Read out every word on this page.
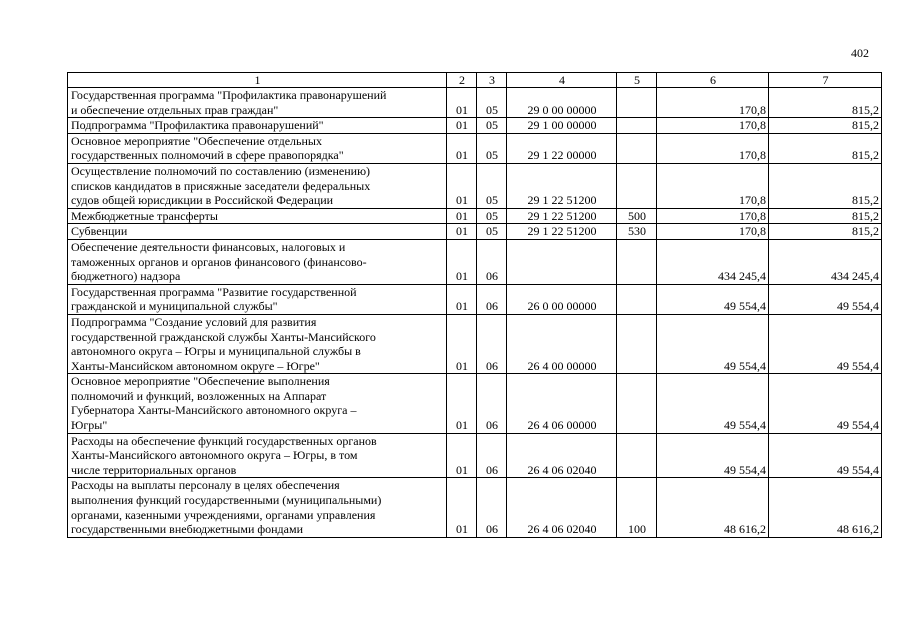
402
1	2	3	4	5	6	7

Государственная программа "Профилактика правонарушений
и обеспечение отдельных прав граждан"	01	05	29 0 00 00000		170,8	815,2

Подпрограмма "Профилактика правонарушений"	01	05	29 1 00 00000		170,8	815,2

Основное мероприятие "Обеспечение отдельных
государственных полномочий в сфере правопорядка"	01	05	29 1 22 00000		170,8	815,2

Осуществление полномочий по составлению (изменению)
списков кандидатов в присяжные заседатели федеральных
судов общей юрисдикции в Российской Федерации	01	05	29 1 22 51200		170,8	815,2

Межбюджетные трансферты	01	05	29 1 22 51200	500	170,8	815,2

Субвенции	01	05	29 1 22 51200	530	170,8	815,2

Обеспечение деятельности финансовых, налоговых и
таможенных органов и органов финансового (финансово-
бюджетного) надзора	01	06			434 245,4	434 245,4

Государственная программа "Развитие государственной
гражданской и муниципальной службы"	01	06	26 0 00 00000		49 554,4	49 554,4

Подпрограмма "Создание условий для развития
государственной гражданской службы Ханты-Мансийского
автономного округа – Югры и муниципальной службы в
Ханты-Мансийском автономном округе – Югре"	01	06	26 4 00 00000		49 554,4	49 554,4

Основное мероприятие "Обеспечение выполнения
полномочий и функций, возложенных на Аппарат
Губернатора Ханты-Мансийского автономного округа –
Югры"	01	06	26 4 06 00000		49 554,4	49 554,4

Расходы на обеспечение функций государственных органов
Ханты-Мансийского автономного округа – Югры, в том
числе территориальных органов	01	06	26 4 06 02040		49 554,4	49 554,4

Расходы на выплаты персоналу в целях обеспечения
выполнения функций государственными (муниципальными)
органами, казенными учреждениями, органами управления
государственными внебюджетными фондами	01	06	26 4 06 02040	100	48 616,2	48 616,2
